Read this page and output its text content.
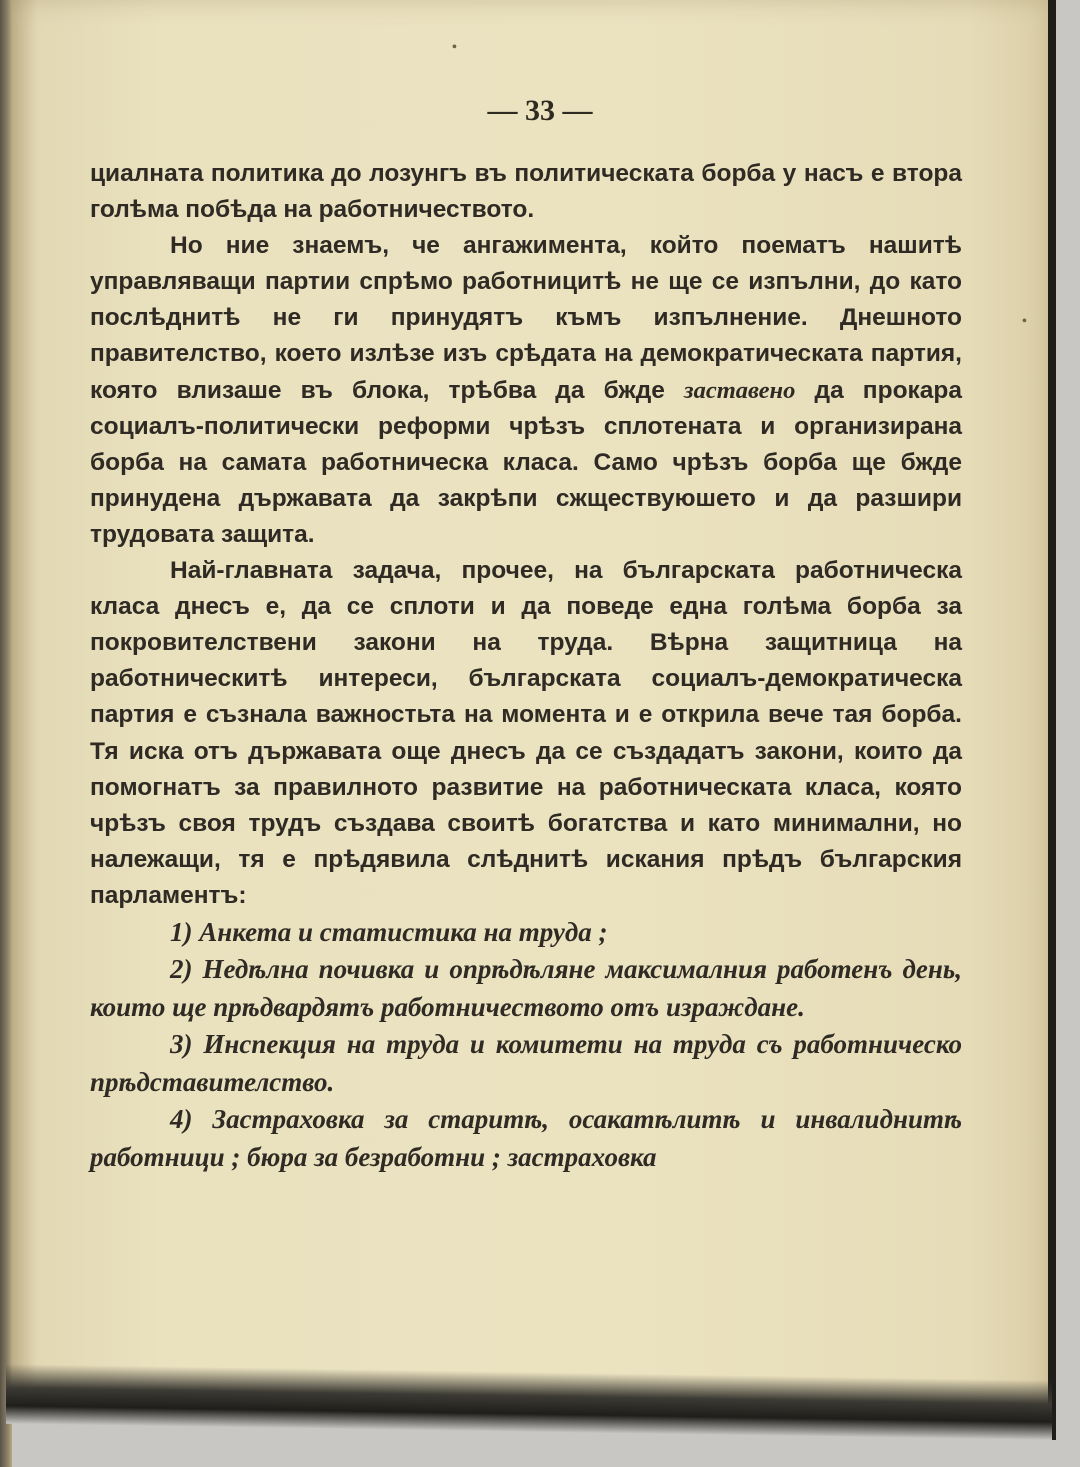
•
•
— 33 —

циалната политика до лозунгъ въ политическата борба у насъ е втора голѣма побѣда на работничеството.

Но ние знаемъ, че ангажимента, който поематъ нашитѣ управляващи партии спрѣмо работницитѣ не ще се изпълни, до като послѣднитѣ не ги принудятъ къмъ изпълнение. Днешното правителство, което излѣзе изъ срѣдата на демократическата партия, която влизаше въ блока, трѣбва да бжде заставено да прокара социалъ-политически реформи чрѣзъ сплотената и организирана борба на самата работническа класа. Само чрѣзъ борба ще бжде принудена държавата да закрѣпи сжществуюшето и да разшири трудовата защита.

Най-главната задача, прочее, на българската работническа класа днесъ е, да се сплоти и да поведе една голѣма борба за покровителствени закони на труда. Вѣрна защитница на работническитѣ интереси, българската социалъ-демократическа партия е съзнала важностьта на момента и е открила вече тая борба. Тя иска отъ държавата още днесъ да се създадатъ закони, които да помогнатъ за правилното развитие на работническата класа, която чрѣзъ своя трудъ създава своитѣ богатства и като минимални, но належащи, тя е прѣдявила слѣднитѣ искания прѣдъ българския парламентъ:

1) Анкета и статистика на труда ;

2) Недѣлна почивка и опрѣдѣляне максималния работенъ день, които ще прѣдвардятъ работничеството отъ израждане.

3) Инспекция на труда и комитети на труда съ работническо прѣдставителство.

4) Застраховка за старитѣ, осакатѣлитѣ и инвалиднитѣ работници ; бюра за безработни ; застраховка
